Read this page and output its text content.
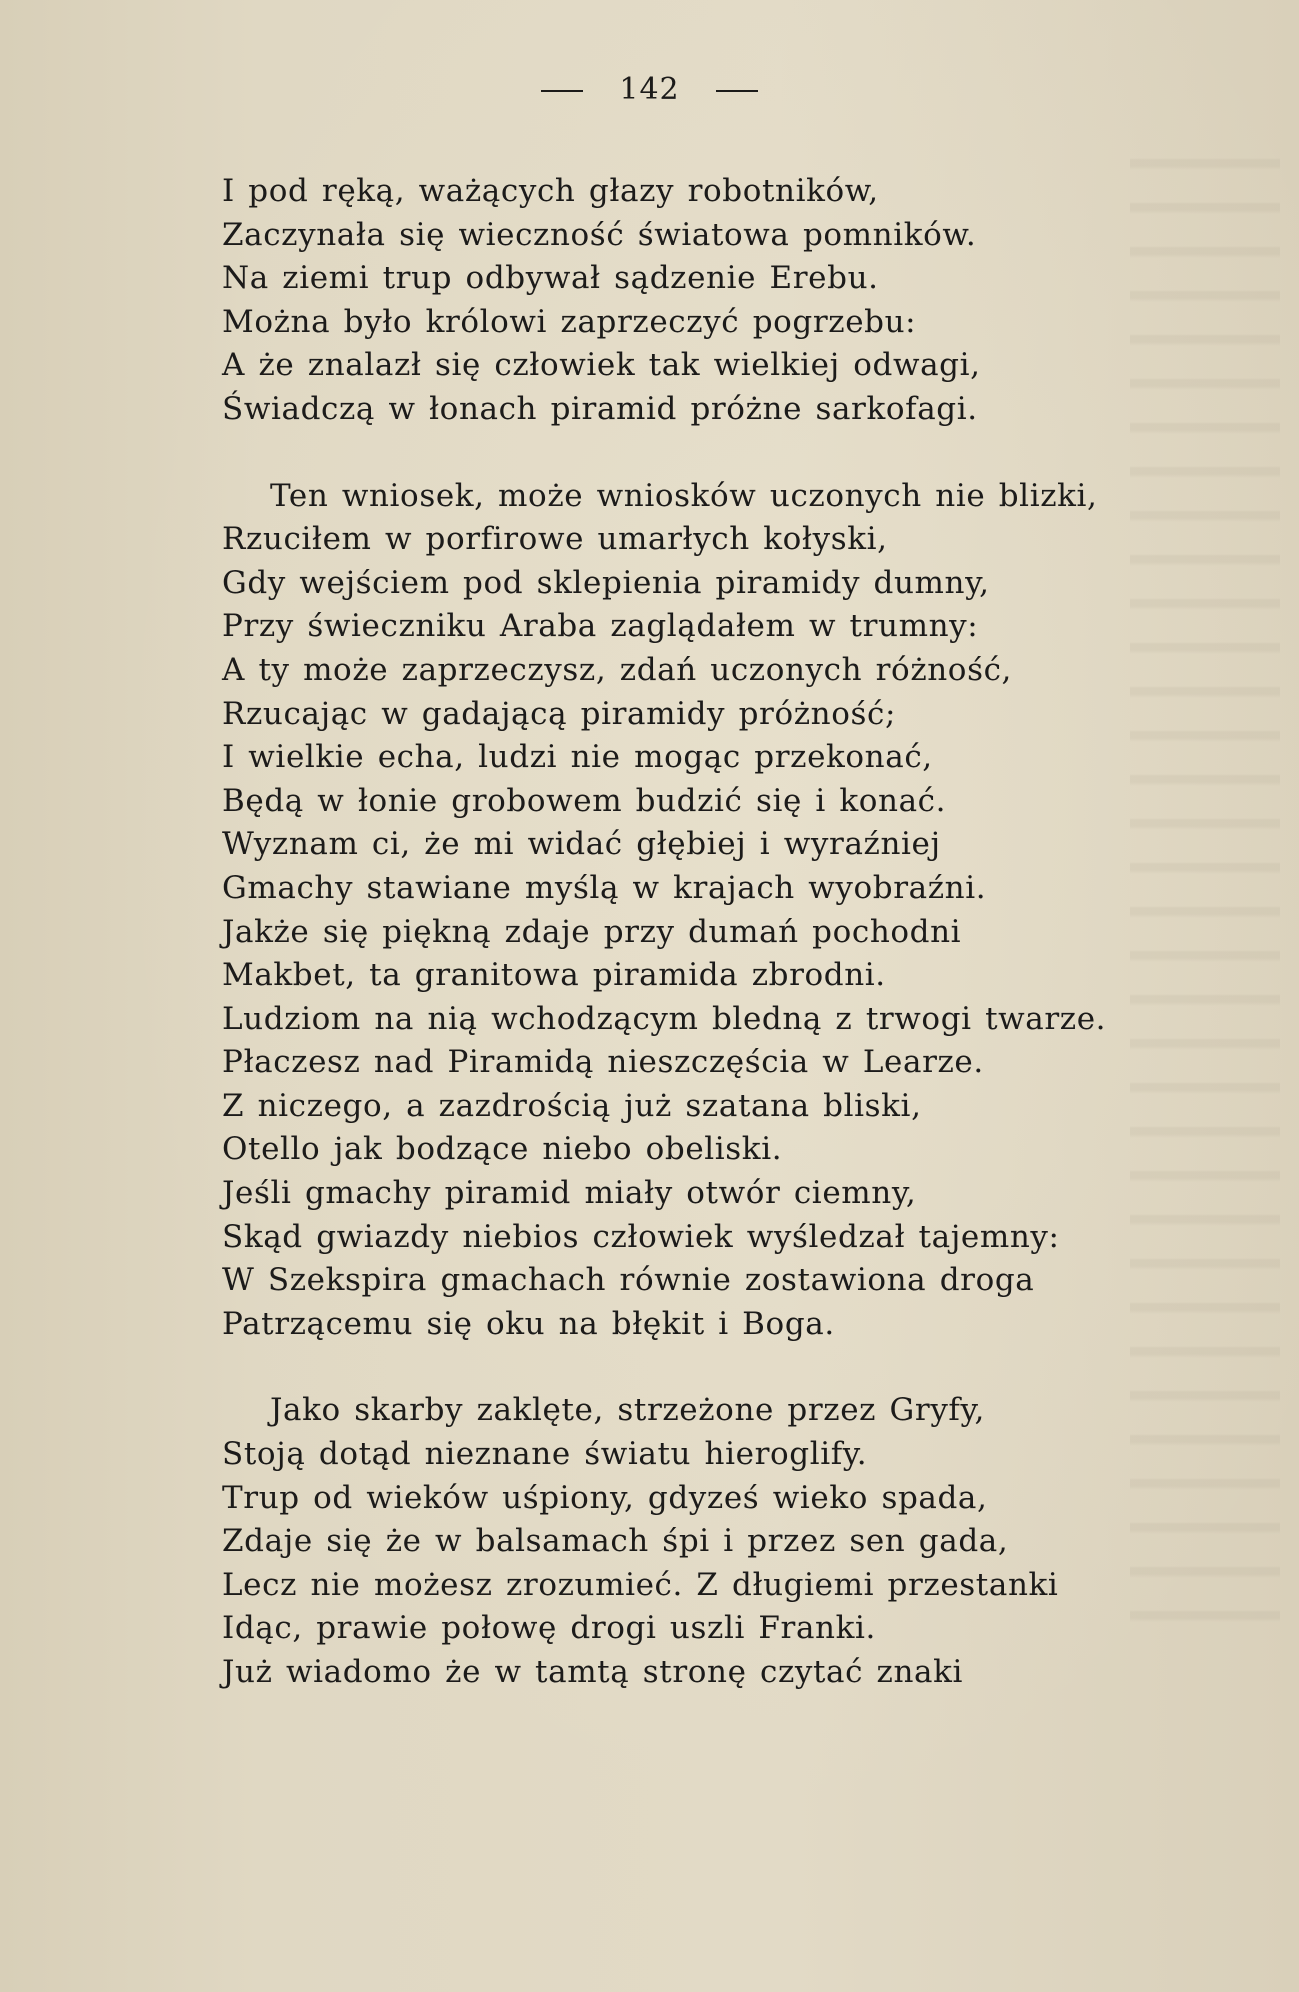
142

I pod ręką, ważących głazy robotników,
Zaczynała się wieczność światowa pomników.
Na ziemi trup odbywał sądzenie Erebu.
Można było królowi zaprzeczyć pogrzebu:
A że znalazł się człowiek tak wielkiej odwagi,
Świadczą w łonach piramid próżne sarkofagi.

Ten wniosek, może wniosków uczonych nie blizki,
Rzuciłem w porfirowe umarłych kołyski,
Gdy wejściem pod sklepienia piramidy dumny,
Przy świeczniku Araba zaglądałem w trumny:
A ty może zaprzeczysz, zdań uczonych różność,
Rzucając w gadającą piramidy próżność;
I wielkie echa, ludzi nie mogąc przekonać,
Będą w łonie grobowem budzić się i konać.
Wyznam ci, że mi widać głębiej i wyraźniej
Gmachy stawiane myślą w krajach wyobraźni.
Jakże się piękną zdaje przy dumań pochodni
Makbet, ta granitowa piramida zbrodni.
Ludziom na nią wchodzącym bledną z trwogi twarze.
Płaczesz nad Piramidą nieszczęścia w Learze.
Z niczego, a zazdrością już szatana bliski,
Otello jak bodzące niebo obeliski.
Jeśli gmachy piramid miały otwór ciemny,
Skąd gwiazdy niebios człowiek wyśledzał tajemny:
W Szekspira gmachach równie zostawiona droga
Patrzącemu się oku na błękit i Boga.

Jako skarby zaklęte, strzeżone przez Gryfy,
Stoją dotąd nieznane światu hieroglify.
Trup od wieków uśpiony, gdyześ wieko spada,
Zdaje się że w balsamach śpi i przez sen gada,
Lecz nie możesz zrozumieć. Z długiemi przestanki
Idąc, prawie połowę drogi uszli Franki.
Już wiadomo że w tamtą stronę czytać znaki
